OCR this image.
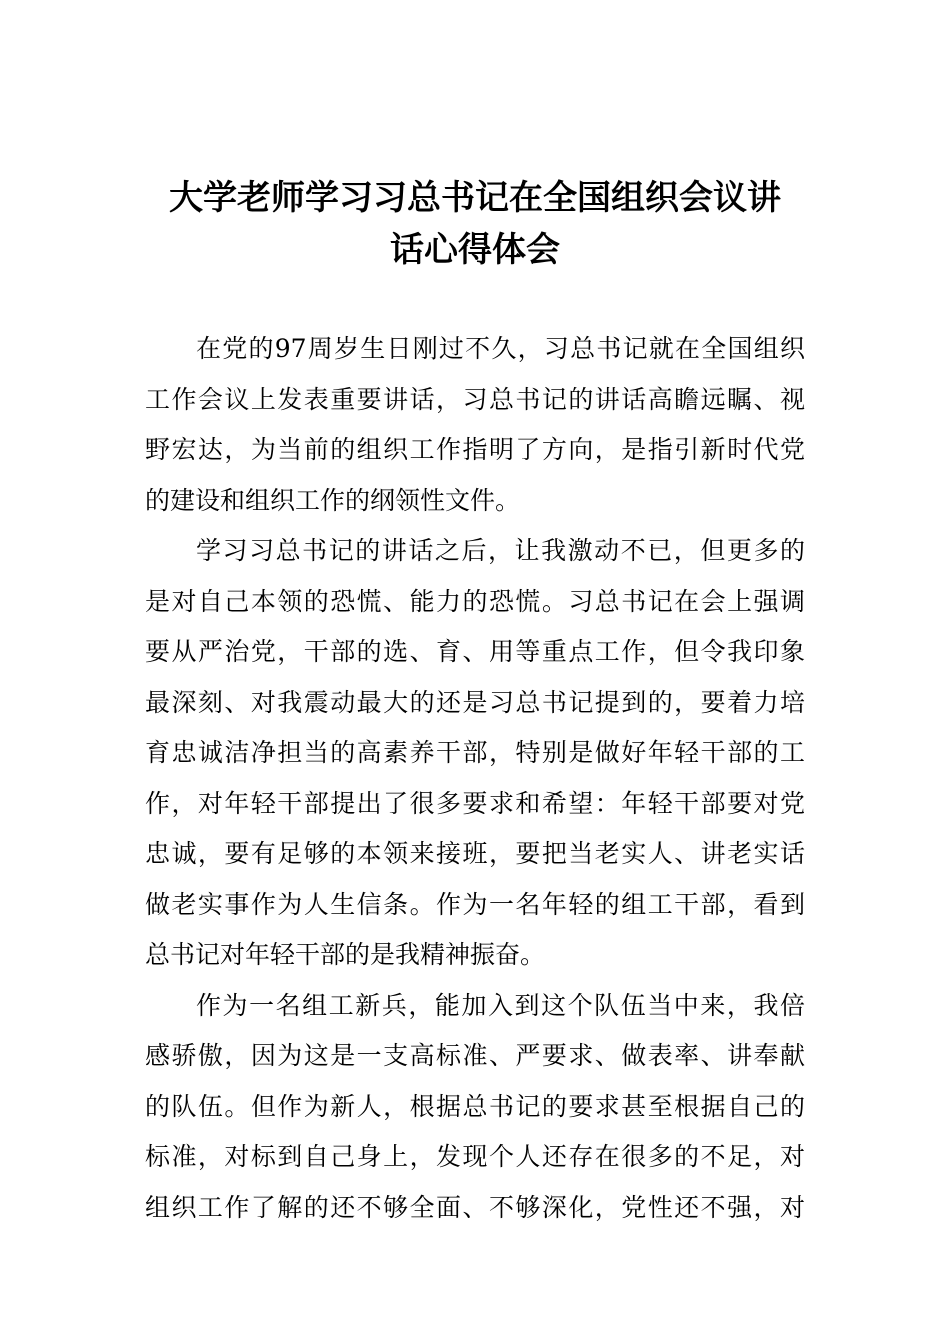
大学老师学习习总书记在全国组织会议讲
话心得体会
在党的97周岁生日刚过不久，习总书记就在全国组织
工作会议上发表重要讲话，习总书记的讲话高瞻远瞩、视
野宏达，为当前的组织工作指明了方向，是指引新时代党
的建设和组织工作的纲领性文件。
学习习总书记的讲话之后，让我激动不已，但更多的
是对自己本领的恐慌、能力的恐慌。习总书记在会上强调
要从严治党，干部的选、育、用等重点工作，但令我印象
最深刻、对我震动最大的还是习总书记提到的，要着力培
育忠诚洁净担当的高素养干部，特别是做好年轻干部的工
作，对年轻干部提出了很多要求和希望：年轻干部要对党
忠诚，要有足够的本领来接班，要把当老实人、讲老实话
做老实事作为人生信条。作为一名年轻的组工干部，看到
总书记对年轻干部的是我精神振奋。
作为一名组工新兵，能加入到这个队伍当中来，我倍
感骄傲，因为这是一支高标准、严要求、做表率、讲奉献
的队伍。但作为新人，根据总书记的要求甚至根据自己的
标准，对标到自己身上，发现个人还存在很多的不足，对
组织工作了解的还不够全面、不够深化，党性还不强，对
